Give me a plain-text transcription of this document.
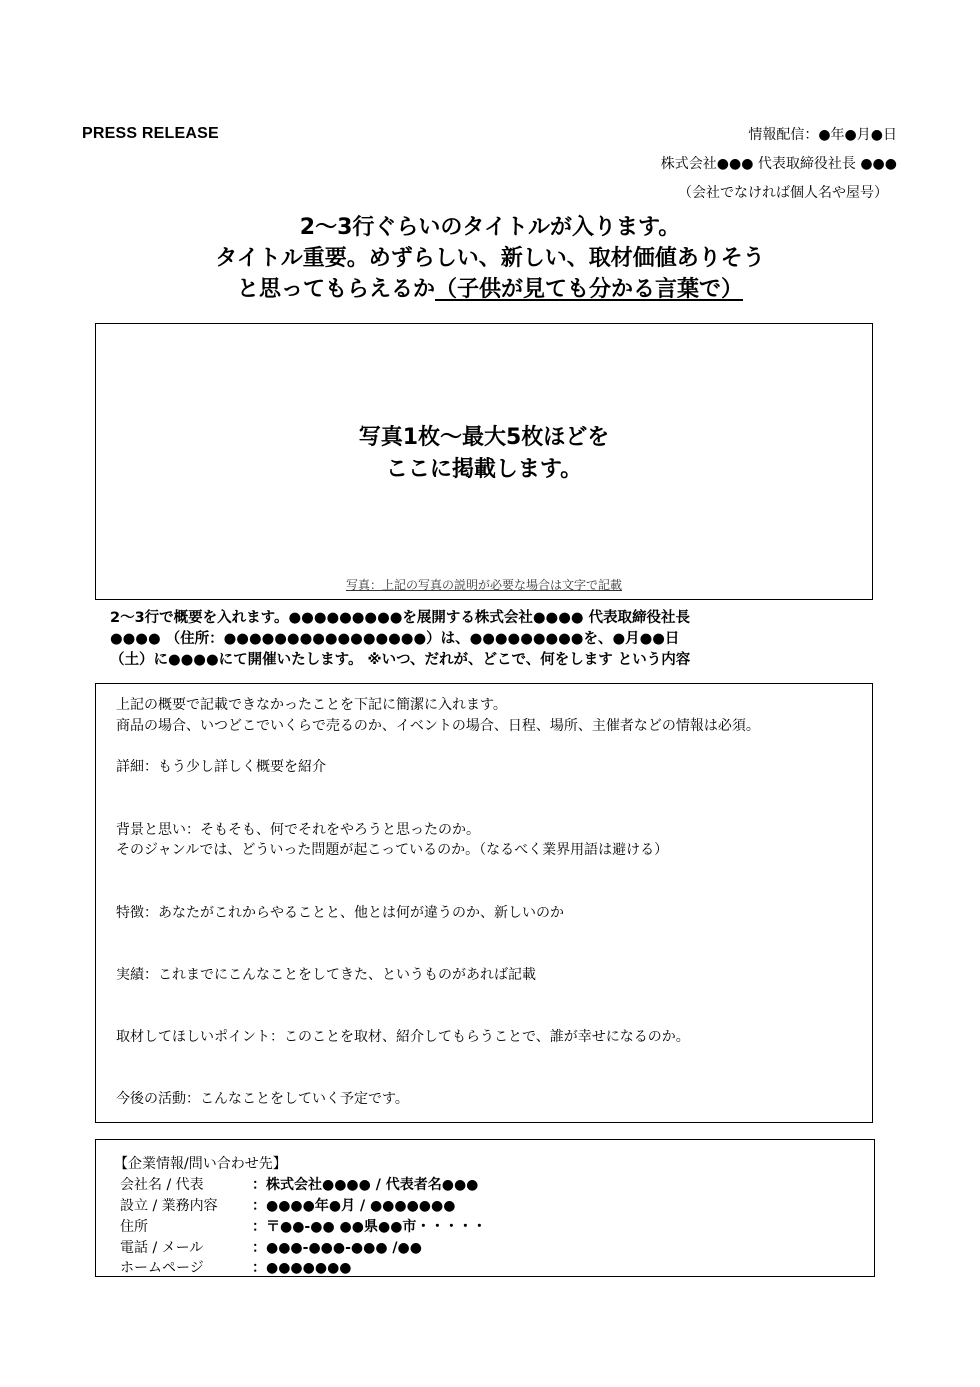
PRESS RELEASE	情報配信：●年●月●日
株式会社●●● 代表取締役社長 ●●●
（会社でなければ個人名や屋号）
2〜3行ぐらいのタイトルが入ります。
タイトル重要。めずらしい、新しい、取材価値ありそう
と思ってもらえるか（子供が見ても分かる言葉で）
写真1枚〜最大5枚ほどを
ここに掲載します。
写真：上記の写真の説明が必要な場合は文字で記載
2〜3行で概要を入れます。●●●●●●●●●を展開する株式会社●●●● 代表取締役社長
●●●● （住所：●●●●●●●●●●●●●●●●）は、●●●●●●●●●を、●月●●日
（土）に●●●●にて開催いたします。 ※いつ、だれが、どこで、何をします という内容
上記の概要で記載できなかったことを下記に簡潔に入れます。
商品の場合、いつどこでいくらで売るのか、イベントの場合、日程、場所、主催者などの情報は必須。
詳細：もう少し詳しく概要を紹介
背景と思い：そもそも、何でそれをやろうと思ったのか。
そのジャンルでは、どういった問題が起こっているのか。（なるべく業界用語は避ける）
特徴：あなたがこれからやることと、他とは何が違うのか、新しいのか
実績：これまでにこんなことをしてきた、というものがあれば記載
取材してほしいポイント：このことを取材、紹介してもらうことで、誰が幸せになるのか。
今後の活動：こんなことをしていく予定です。
【企業情報/問い合わせ先】
会社名 / 代表	：株式会社●●●● / 代表者名●●●
設立 / 業務内容 ：●●●●年●月 / ●●●●●●●
住所	：〒●●-●● ●●県●●市・・・・・
電話 / メール	：●●●-●●●-●●● /●●
ホームページ	：●●●●●●●
